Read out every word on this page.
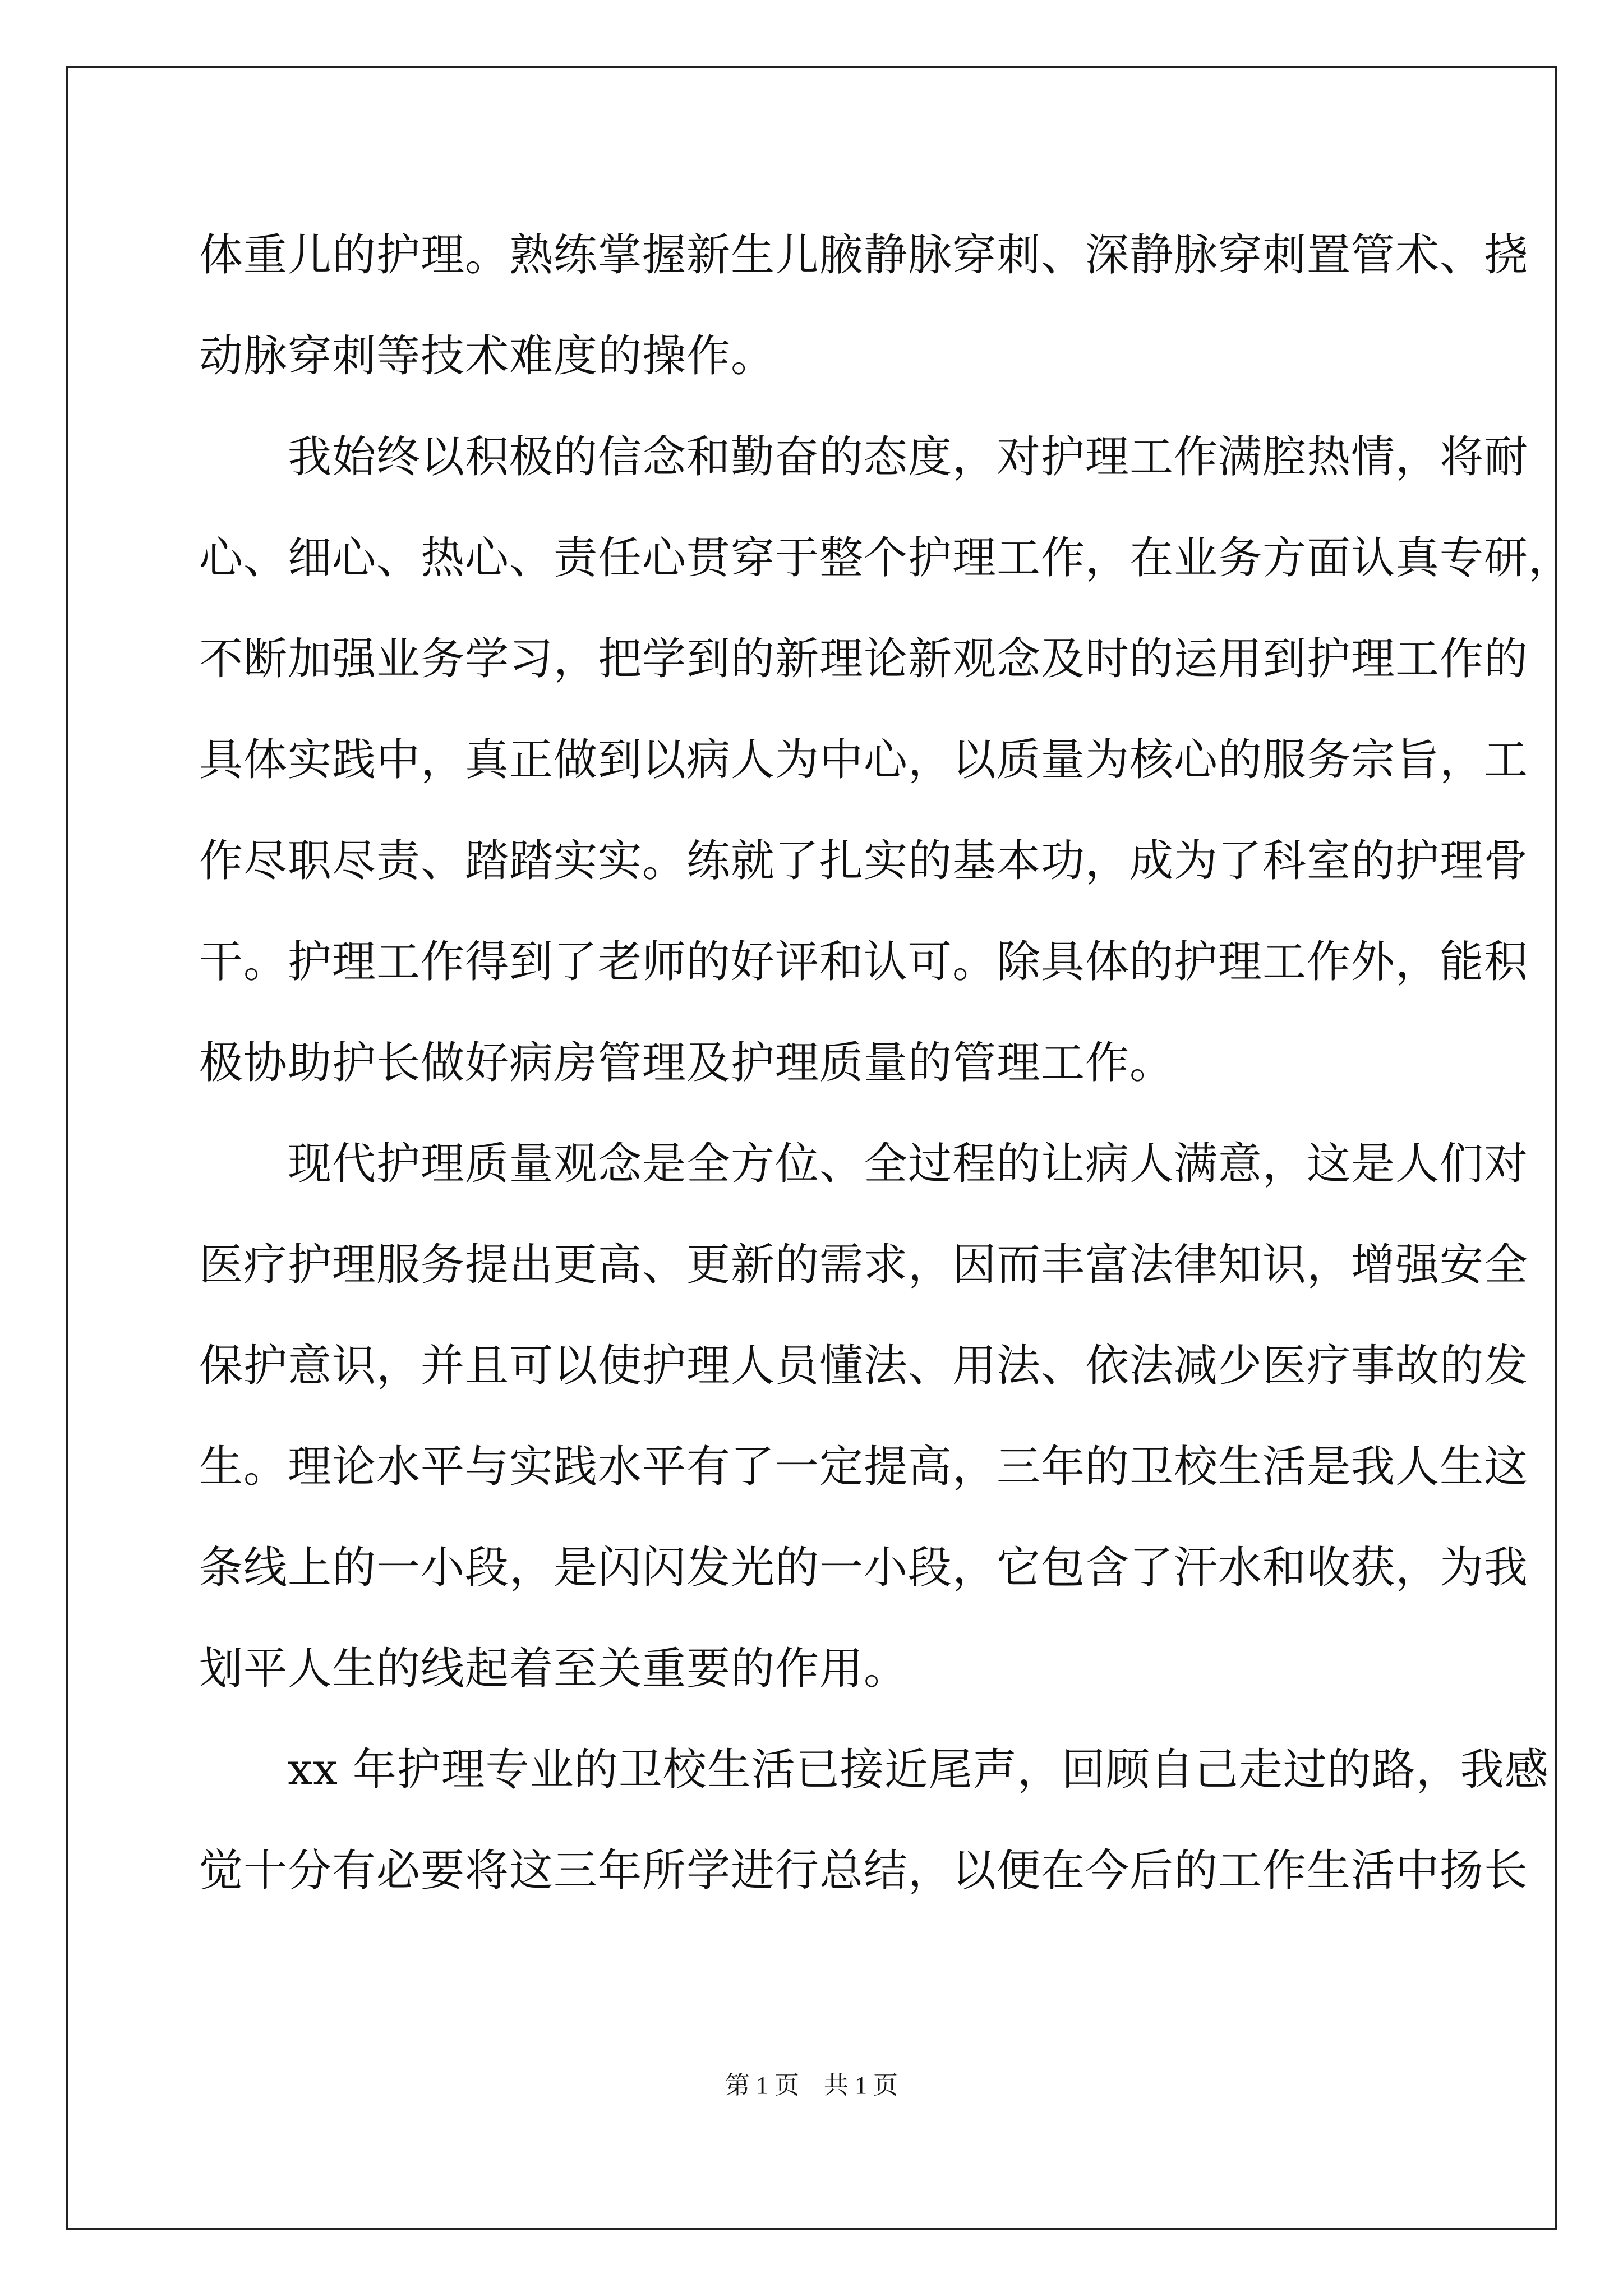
体重儿的护理。熟练掌握新生儿腋静脉穿刺、深静脉穿刺置管术、挠
动脉穿刺等技术难度的操作。
　　我始终以积极的信念和勤奋的态度，对护理工作满腔热情，将耐
心、细心、热心、责任心贯穿于整个护理工作，在业务方面认真专研，
不断加强业务学习，把学到的新理论新观念及时的运用到护理工作的
具体实践中，真正做到以病人为中心，以质量为核心的服务宗旨，工
作尽职尽责、踏踏实实。练就了扎实的基本功，成为了科室的护理骨
干。护理工作得到了老师的好评和认可。除具体的护理工作外，能积
极协助护长做好病房管理及护理质量的管理工作。
　　现代护理质量观念是全方位、全过程的让病人满意，这是人们对
医疗护理服务提出更高、更新的需求，因而丰富法律知识，增强安全
保护意识，并且可以使护理人员懂法、用法、依法减少医疗事故的发
生。理论水平与实践水平有了一定提高，三年的卫校生活是我人生这
条线上的一小段，是闪闪发光的一小段，它包含了汗水和收获，为我
划平人生的线起着至关重要的作用。
　　xx 年护理专业的卫校生活已接近尾声，回顾自己走过的路，我感
觉十分有必要将这三年所学进行总结，以便在今后的工作生活中扬长
第 1 页　共 1 页
